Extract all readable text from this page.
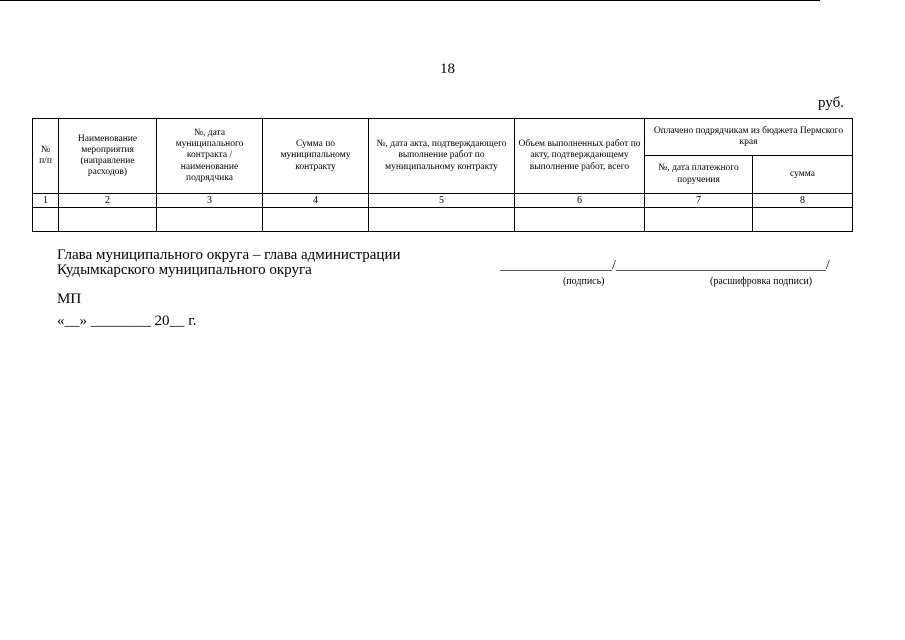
18
руб.
№ п/п	Наименование мероприятия (направление расходов)	№, дата муниципального контракта / наименование подрядчика	Сумма по муниципальному контракту	№, дата акта, подтверждающего выполнение работ по муниципальному контракту	Объем выполненных работ по акту, подтверждающему выполнение работ, всего	Оплачено подрядчикам из бюджета Пермского края	
						№, дата платежного поручения	сумма
1	2	3	4	5	6	7	8

Глава муниципального округа – глава администрации
Кудымкарского муниципального округа	________________/______________________________/
(подпись)	(расшифровка подписи)
МП
«__» ________ 20__ г.
